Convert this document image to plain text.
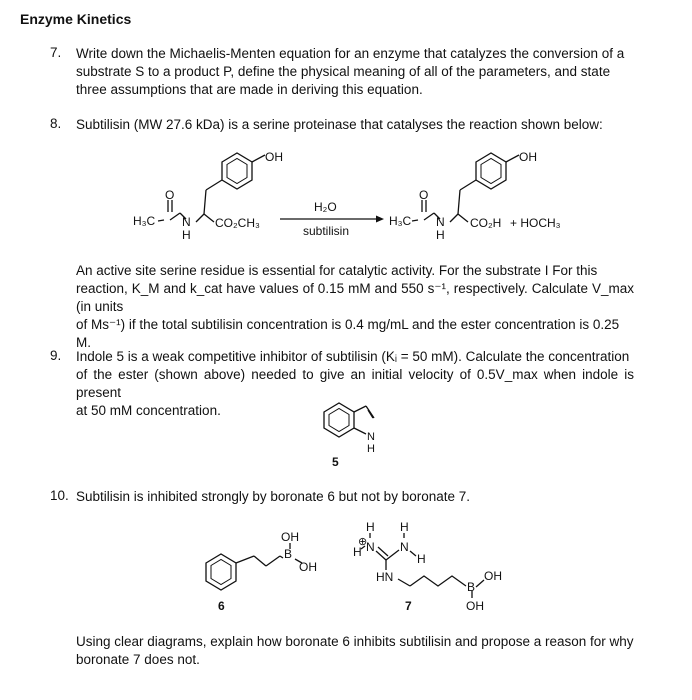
Enzyme Kinetics
7. Write down the Michaelis-Menten equation for an enzyme that catalyzes the conversion of a
substrate S to a product P, define the physical meaning of all of the parameters, and state
three assumptions that are made in deriving this equation.
8. Subtilisin (MW 27.6 kDa) is a serine proteinase that catalyses the reaction shown below:
OH
O
H₃C N
H
CO₂CH₃
H₂O
subtilisin
OH
O
H₃C N
H
CO₂H + HOCH₃
N
H
5
OH
B
OH
6
H H
⊕
H N N
H
HN
B
OH
OH
7
An active site serine residue is essential for catalytic activity. For the substrate I For this
reaction, K_M and k_cat have values of 0.15 mM and 550 s⁻¹, respectively. Calculate V_max (in units
of Ms⁻¹) if the total subtilisin concentration is 0.4 mg/mL and the ester concentration is 0.25
M.
9. Indole 5 is a weak competitive inhibitor of subtilisin (Kᵢ = 50 mM). Calculate the concentration
of the ester (shown above) needed to give an initial velocity of 0.5V_max when indole is present
at 50 mM concentration.
10. Subtilisin is inhibited strongly by boronate 6 but not by boronate 7.
Using clear diagrams, explain how boronate 6 inhibits subtilisin and propose a reason for why
boronate 7 does not.
